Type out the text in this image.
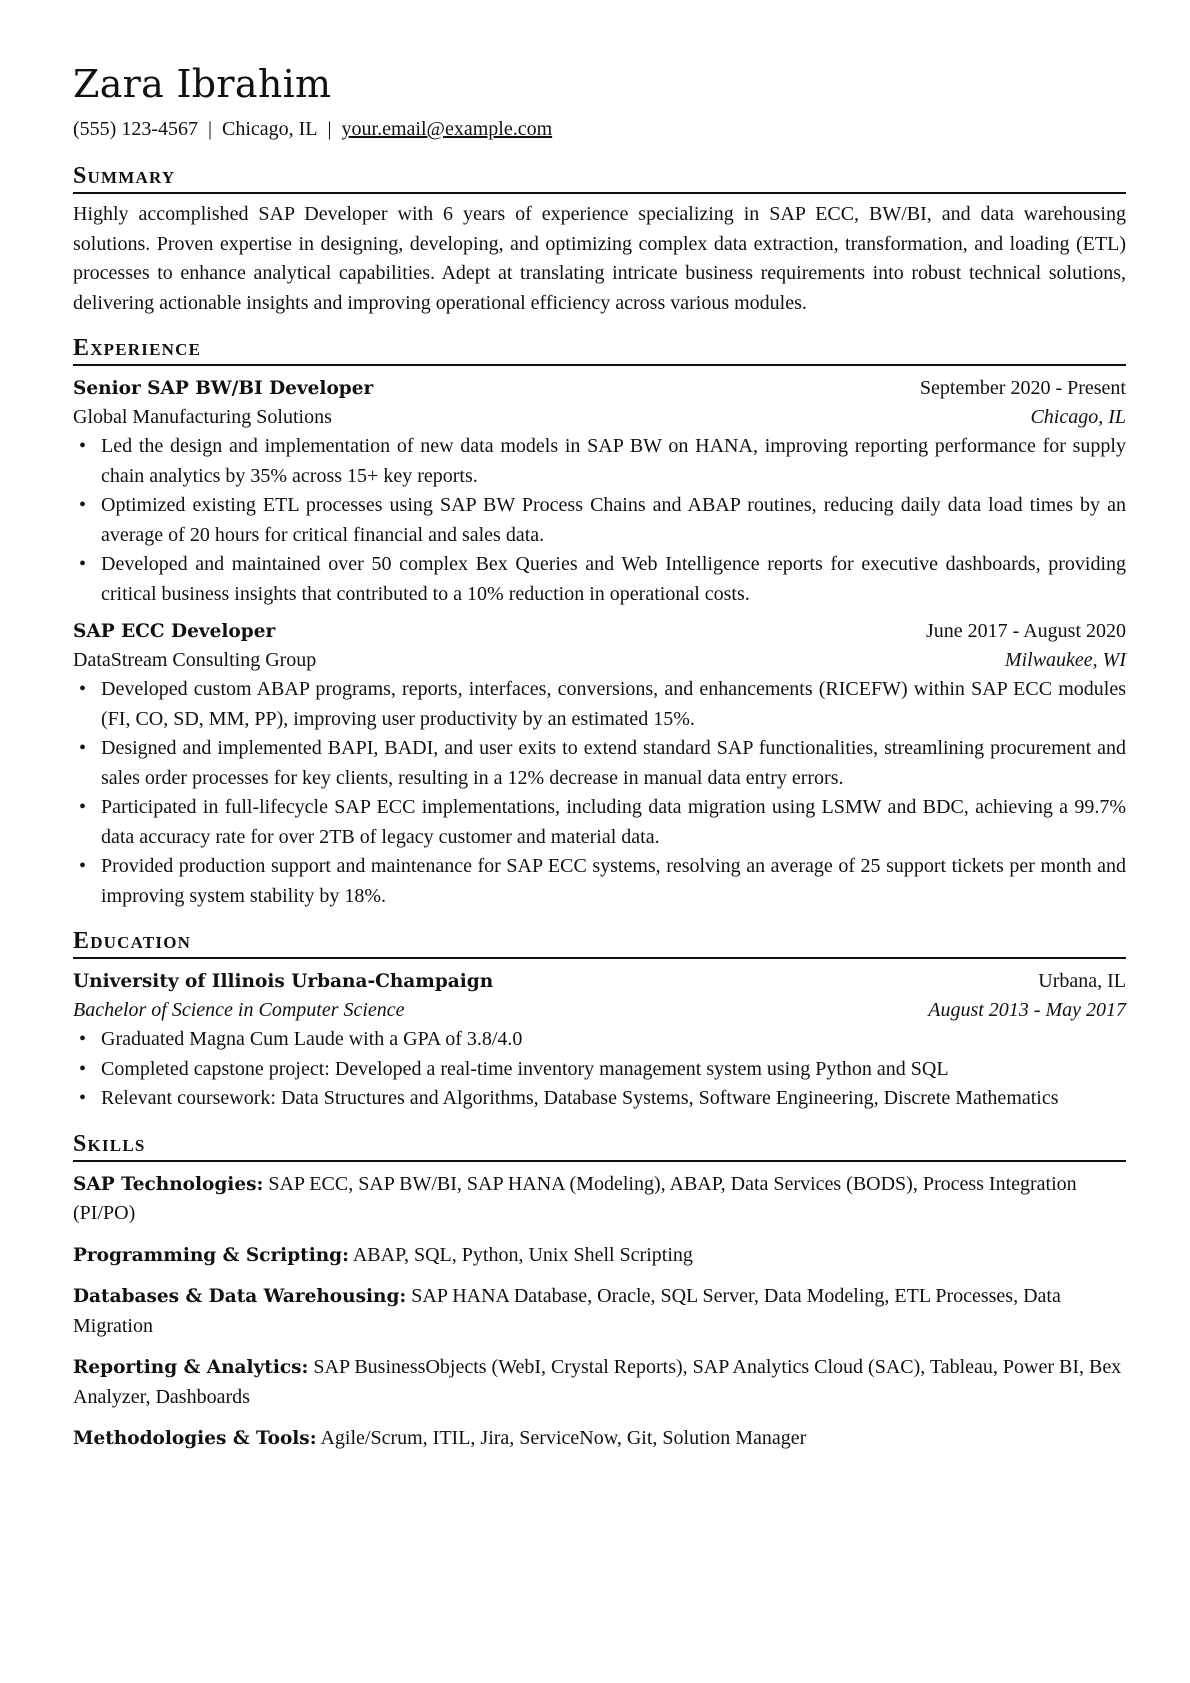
Zara Ibrahim
(555) 123-4567 | Chicago, IL | your.email@example.com
Summary
Highly accomplished SAP Developer with 6 years of experience specializing in SAP ECC, BW/BI, and data warehousing solutions. Proven expertise in designing, developing, and optimizing complex data extraction, transformation, and loading (ETL) processes to enhance analytical capabilities. Adept at translating intricate business requirements into robust technical solutions, delivering actionable insights and improving operational efficiency across various modules.
Experience
Senior SAP BW/BI Developer	September 2020 - Present
Global Manufacturing Solutions	Chicago, IL
• Led the design and implementation of new data models in SAP BW on HANA, improving reporting performance for supply chain analytics by 35% across 15+ key reports.
• Optimized existing ETL processes using SAP BW Process Chains and ABAP routines, reducing daily data load times by an average of 20 hours for critical financial and sales data.
• Developed and maintained over 50 complex Bex Queries and Web Intelligence reports for executive dashboards, providing critical business insights that contributed to a 10% reduction in operational costs.
SAP ECC Developer	June 2017 - August 2020
DataStream Consulting Group	Milwaukee, WI
• Developed custom ABAP programs, reports, interfaces, conversions, and enhancements (RICEFW) within SAP ECC modules (FI, CO, SD, MM, PP), improving user productivity by an estimated 15%.
• Designed and implemented BAPI, BADI, and user exits to extend standard SAP functionalities, streamlining procurement and sales order processes for key clients, resulting in a 12% decrease in manual data entry errors.
• Participated in full-lifecycle SAP ECC implementations, including data migration using LSMW and BDC, achieving a 99.7% data accuracy rate for over 2TB of legacy customer and material data.
• Provided production support and maintenance for SAP ECC systems, resolving an average of 25 support tickets per month and improving system stability by 18%.
Education
University of Illinois Urbana-Champaign	Urbana, IL
Bachelor of Science in Computer Science	August 2013 - May 2017
• Graduated Magna Cum Laude with a GPA of 3.8/4.0
• Completed capstone project: Developed a real-time inventory management system using Python and SQL
• Relevant coursework: Data Structures and Algorithms, Database Systems, Software Engineering, Discrete Mathematics
Skills
SAP Technologies: SAP ECC, SAP BW/BI, SAP HANA (Modeling), ABAP, Data Services (BODS), Process Integration (PI/PO)
Programming & Scripting: ABAP, SQL, Python, Unix Shell Scripting
Databases & Data Warehousing: SAP HANA Database, Oracle, SQL Server, Data Modeling, ETL Processes, Data Migration
Reporting & Analytics: SAP BusinessObjects (WebI, Crystal Reports), SAP Analytics Cloud (SAC), Tableau, Power BI, Bex Analyzer, Dashboards
Methodologies & Tools: Agile/Scrum, ITIL, Jira, ServiceNow, Git, Solution Manager
